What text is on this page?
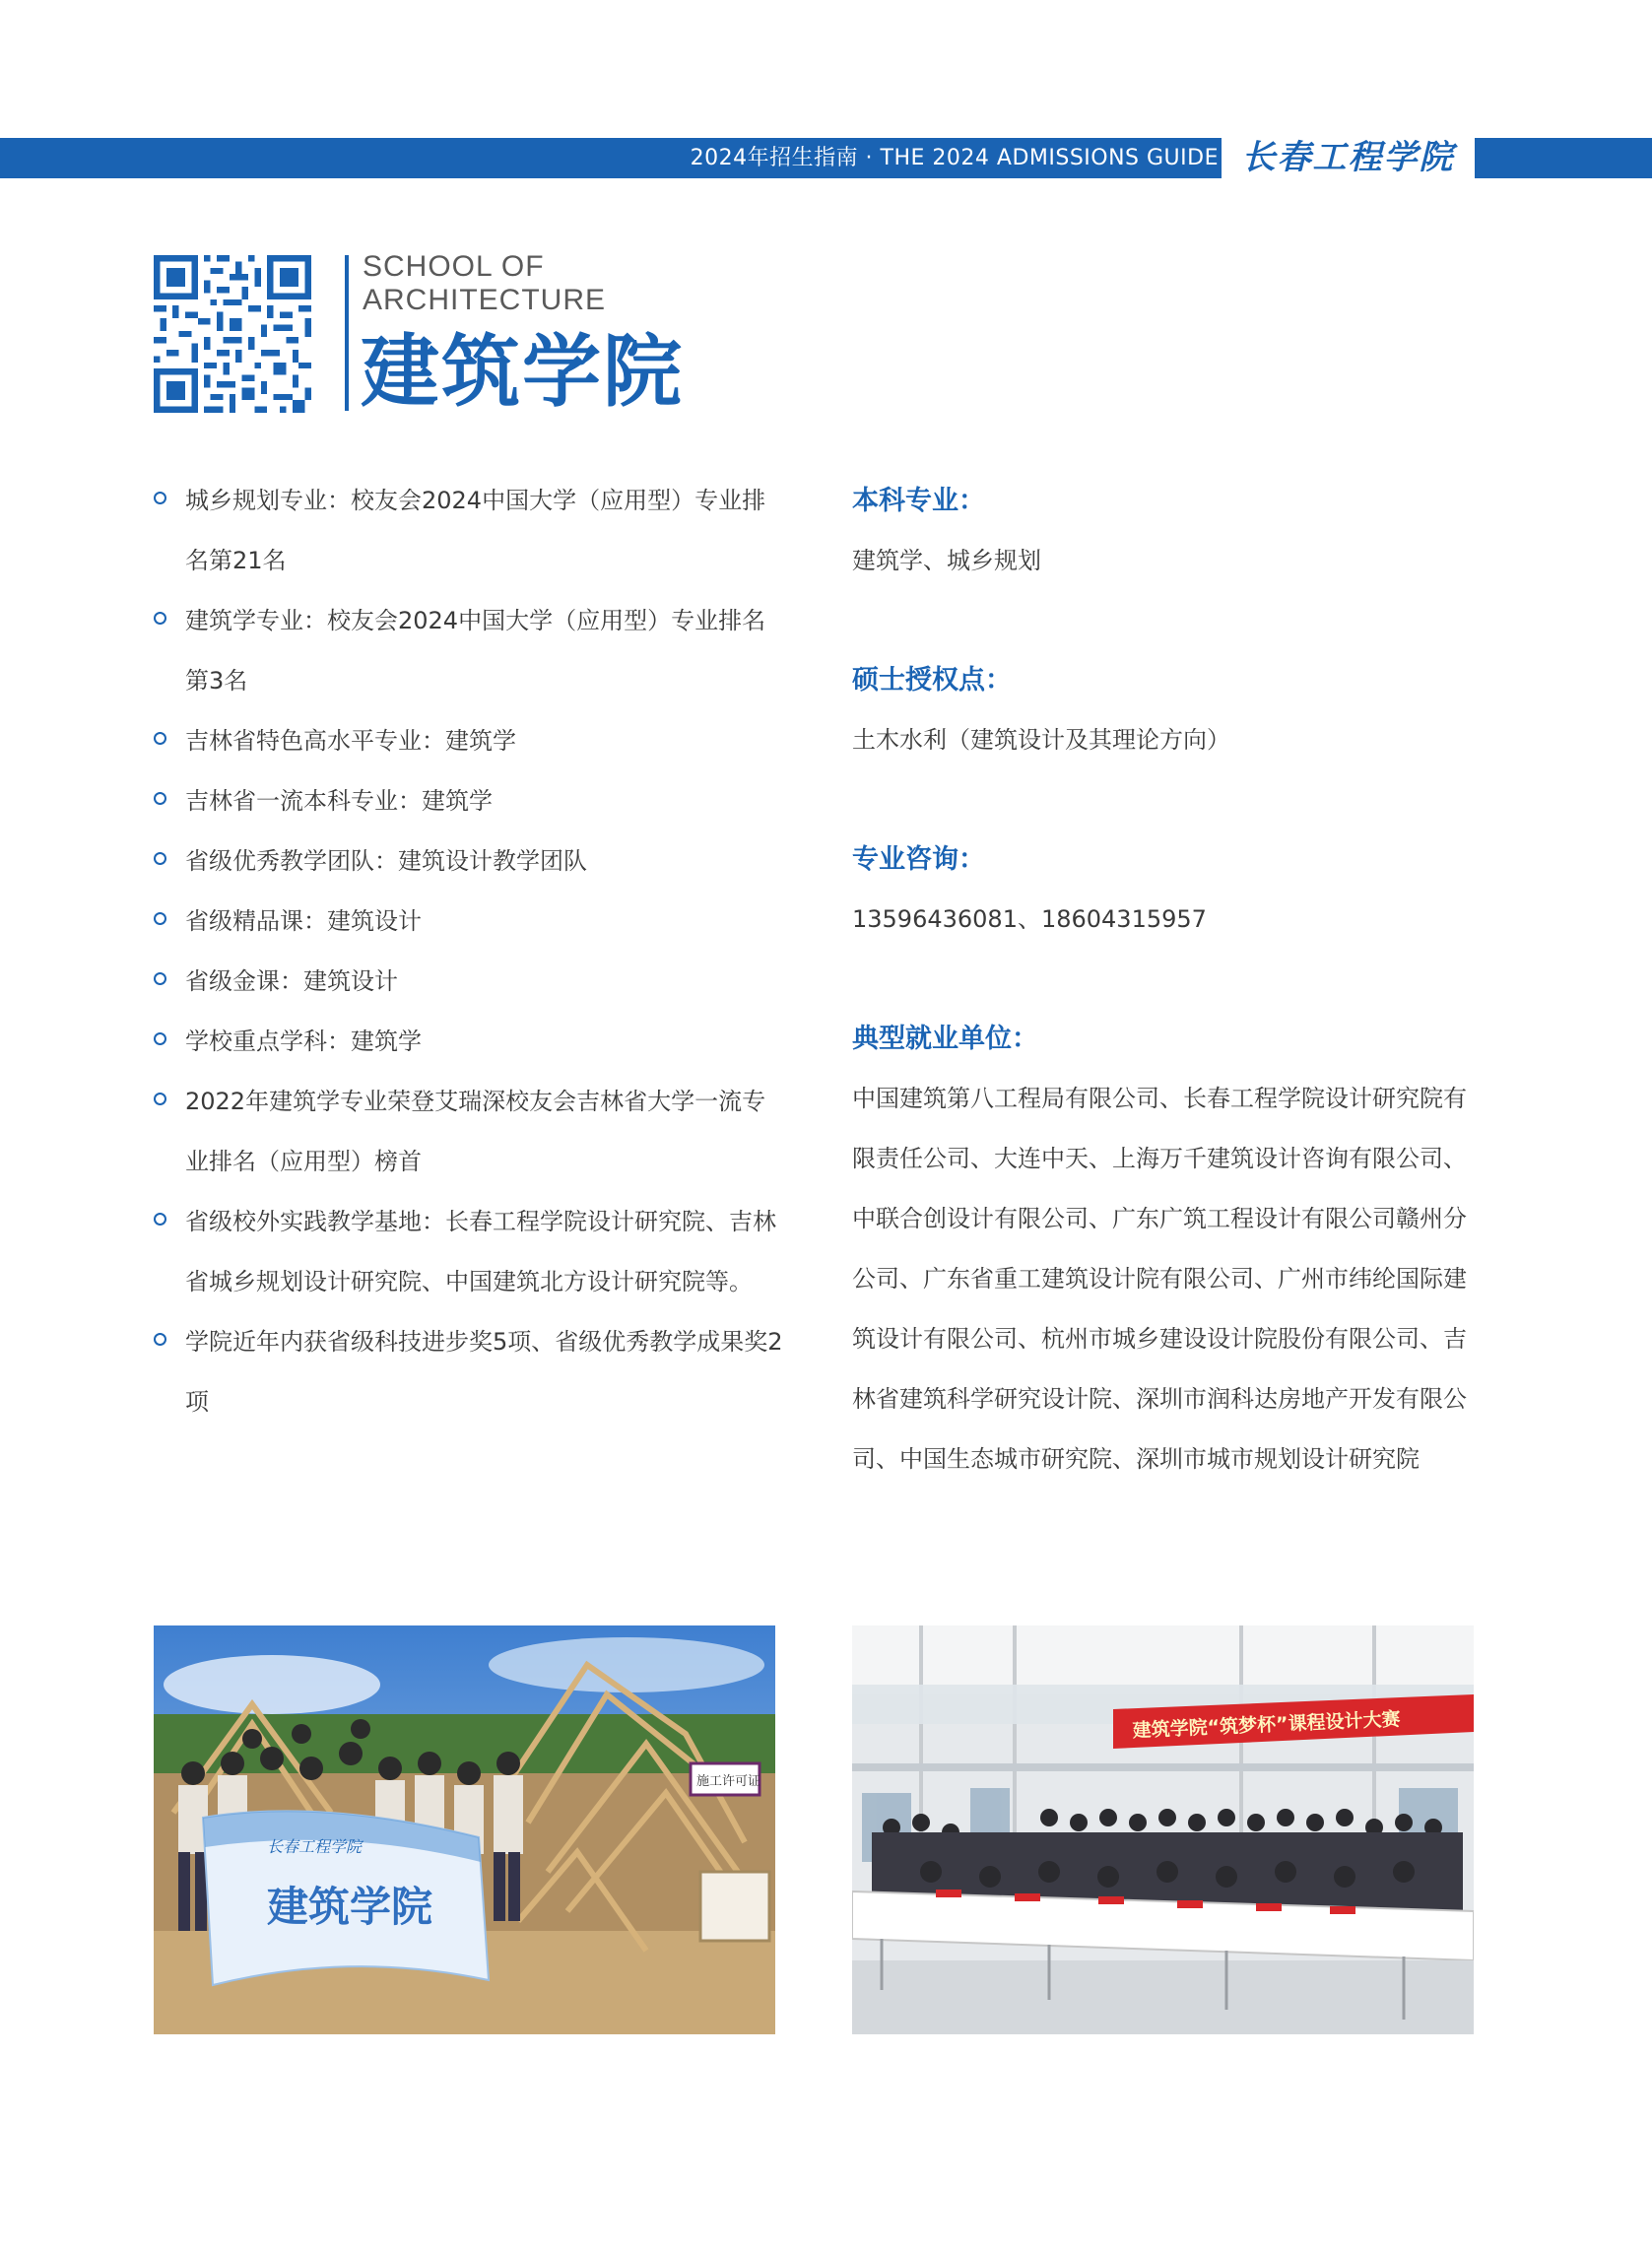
2024年招生指南 · THE 2024 ADMISSIONS GUIDE 长春工程学院
SCHOOL OF
ARCHITECTURE
建筑学院
城乡规划专业：校友会2024中国大学（应用型）专业排名第21名
建筑学专业：校友会2024中国大学（应用型）专业排名第3名
吉林省特色高水平专业：建筑学
吉林省一流本科专业：建筑学
省级优秀教学团队：建筑设计教学团队
省级精品课：建筑设计
省级金课：建筑设计
学校重点学科：建筑学
2022年建筑学专业荣登艾瑞深校友会吉林省大学一流专业排名（应用型）榜首
省级校外实践教学基地：长春工程学院设计研究院、吉林省城乡规划设计研究院、中国建筑北方设计研究院等。
学院近年内获省级科技进步奖5项、省级优秀教学成果奖2项
本科专业：
建筑学、城乡规划
硕士授权点：
土木水利（建筑设计及其理论方向）
专业咨询：
13596436081、18604315957
典型就业单位：
中国建筑第八工程局有限公司、长春工程学院设计研究院有限责任公司、大连中天、上海万千建筑设计咨询有限公司、中联合创设计有限公司、广东广筑工程设计有限公司赣州分公司、广东省重工建筑设计院有限公司、广州市纬纶国际建筑设计有限公司、杭州市城乡建设设计院股份有限公司、吉林省建筑科学研究设计院、深圳市润科达房地产开发有限公司、中国生态城市研究院、深圳市城市规划设计研究院
长春工程学院
建筑学院
施工许可证
建筑学院“筑梦杯”课程设计大赛
